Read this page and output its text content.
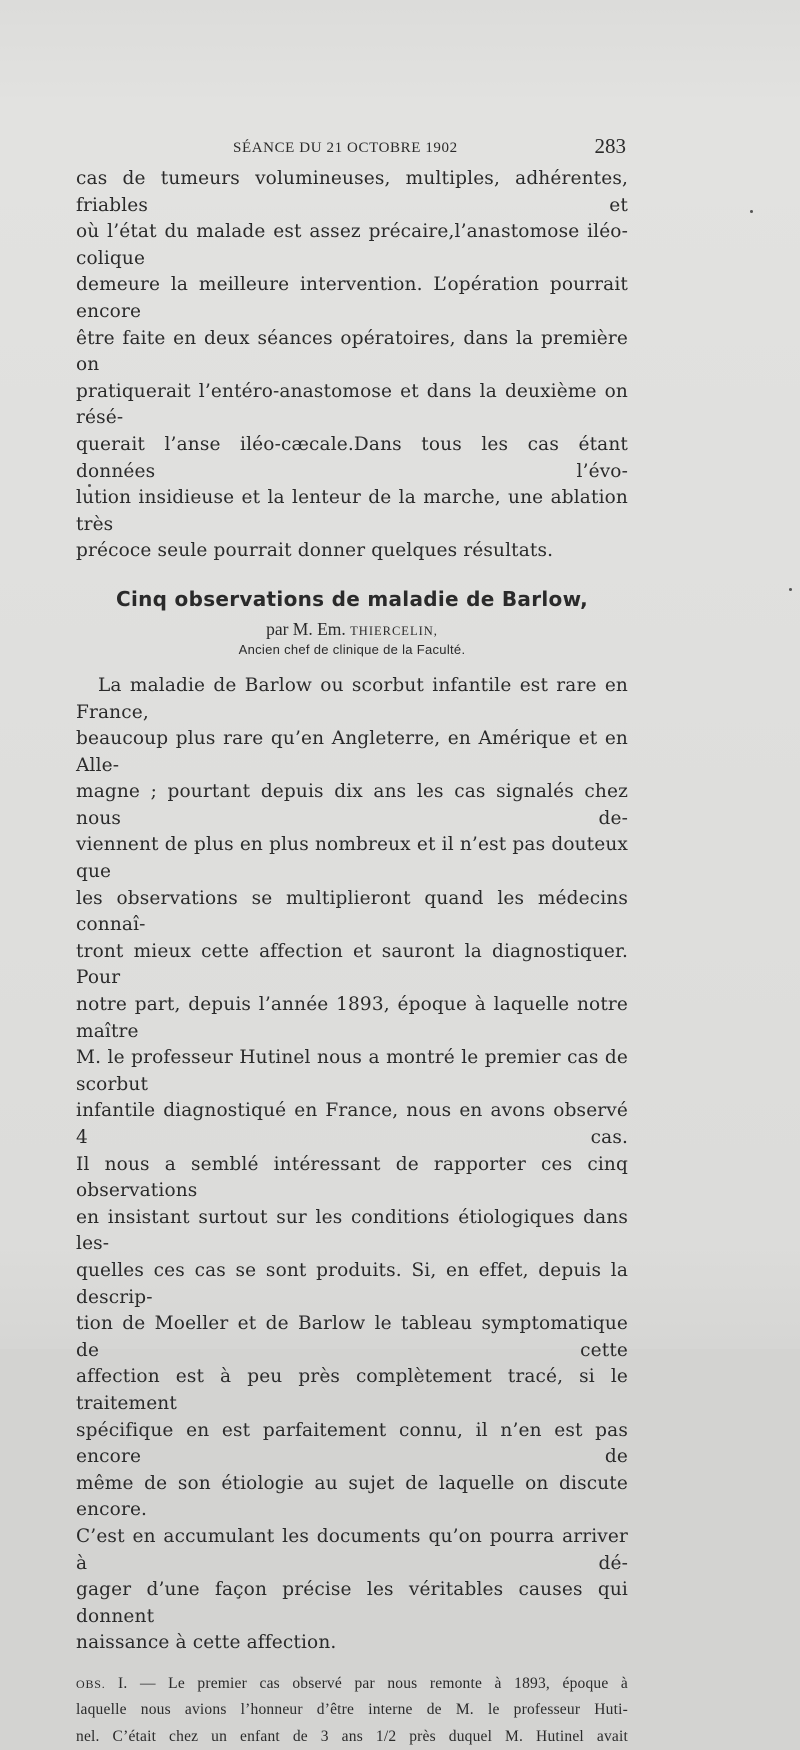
SÉANCE DU 21 OCTOBRE 1902	283

cas de tumeurs volumineuses, multiples, adhérentes, friables et

où l’état du malade est assez précaire,l’anastomose iléo-colique

demeure la meilleure intervention. L’opération pourrait encore

être faite en deux séances opératoires, dans la première on

pratiquerait l’entéro-anastomose et dans la deuxième on résé-

querait l’anse iléo-cæcale.Dans tous les cas étant données l’évo-

lution insidieuse et la lenteur de la marche, une ablation très

précoce seule pourrait donner quelques résultats.

Cinq observations de maladie de Barlow,
par M. Em. THIERCELIN,
Ancien chef de clinique de la Faculté.

La maladie de Barlow ou scorbut infantile est rare en France,

beaucoup plus rare qu’en Angleterre, en Amérique et en Alle-

magne ; pourtant depuis dix ans les cas signalés chez nous de-

viennent de plus en plus nombreux et il n’est pas douteux que

les observations se multiplieront quand les médecins connaî-

tront mieux cette affection et sauront la diagnostiquer. Pour

notre part, depuis l’année 1893, époque à laquelle notre maître

M. le professeur Hutinel nous a montré le premier cas de scorbut

infantile diagnostiqué en France, nous en avons observé 4 cas.

Il nous a semblé intéressant de rapporter ces cinq observations

en insistant surtout sur les conditions étiologiques dans les-

quelles ces cas se sont produits. Si, en effet, depuis la descrip-

tion de Moeller et de Barlow le tableau symptomatique de cette

affection est à peu près complètement tracé, si le traitement

spécifique en est parfaitement connu, il n’en est pas encore de

même de son étiologie au sujet de laquelle on discute encore.

C’est en accumulant les documents qu’on pourra arriver à dé-

gager d’une façon précise les véritables causes qui donnent

naissance à cette affection.

OBS. I. — Le premier cas observé par nous remonte à 1893, époque à

laquelle nous avions l’honneur d’être interne de M. le professeur Huti-

nel. C’était chez un enfant de 3 ans 1/2 près duquel M. Hutinel avait
